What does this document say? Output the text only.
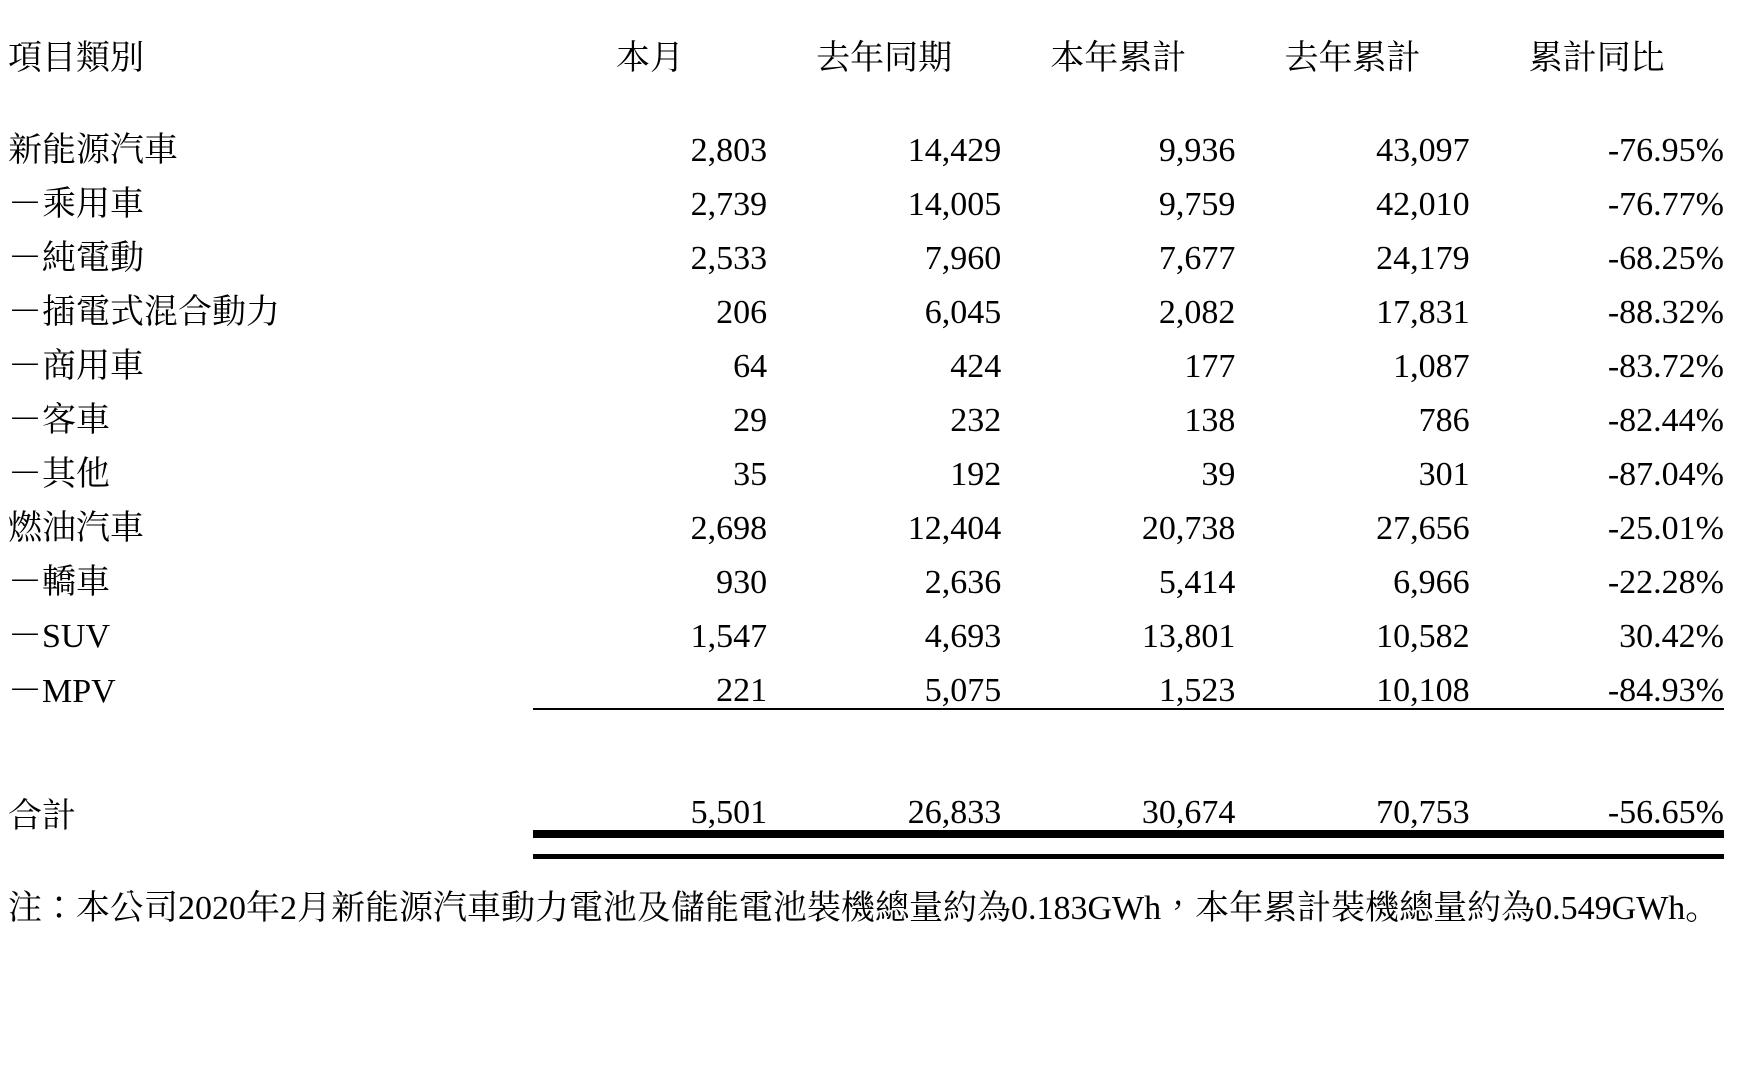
項目類別	本月	去年同期	本年累計	去年累計	累計同比

新能源汽車	2,803	14,429	9,936	43,097	-76.95%
－乘用車	2,739	14,005	9,759	42,010	-76.77%
－純電動	2,533	7,960	7,677	24,179	-68.25%
－插電式混合動力	206	6,045	2,082	17,831	-88.32%
－商用車	64	424	177	1,087	-83.72%
－客車	29	232	138	786	-82.44%
－其他	35	192	39	301	-87.04%
燃油汽車	2,698	12,404	20,738	27,656	-25.01%
－轎車	930	2,636	5,414	6,966	-22.28%
－SUV	1,547	4,693	13,801	10,582	30.42%
－MPV	221	5,075	1,523	10,108	-84.93%

合計	5,501	26,833	30,674	70,753	-56.65%

注：本公司2020年2月新能源汽車動力電池及儲能電池裝機總量約為0.183GWh，本年累計裝機總量約為0.549GWh。
